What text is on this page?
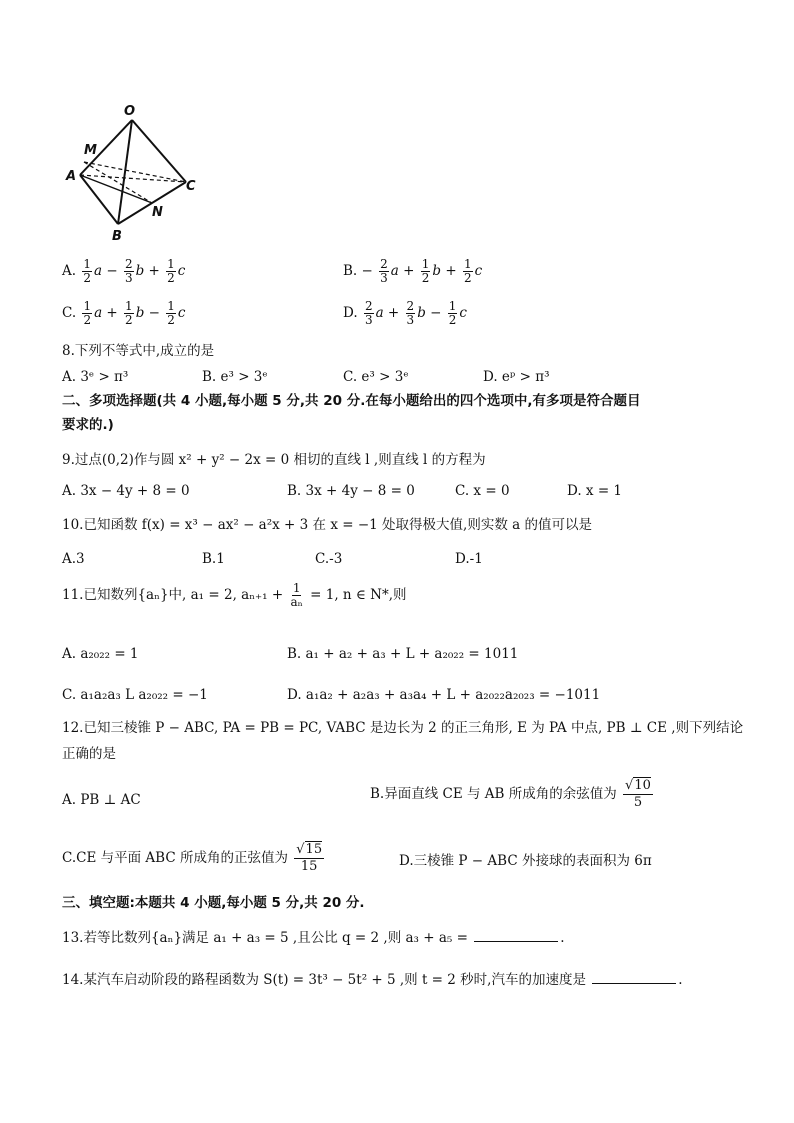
O
M
A
C
N
B
A. $\frac{1}{2}$ $a - \frac{2}{3}$ $b + \frac{1}{2}$ c	B. − $\frac{2}{3}$ $a + \frac{1}{2}$ $b + \frac{1}{2}$ c
C. $\frac{1}{2}$ $a + \frac{1}{2}$ $b - \frac{1}{2}$ c	D. $\frac{2}{3}$ $a + \frac{2}{3}$ $b - \frac{1}{2}$ c
8.下列不等式中,成立的是
A. 3ᵉ > π³	B. e³ > 3ᵉ	C. e³ > 3ᵉ	D. eᵖ > π³
二、多项选择题(共 4 小题,每小题 5 分,共 20 分.在每小题给出的四个选项中,有多项是符合题目
要求的.)
9.过点(0,2)作与圆 x² + y² − 2x = 0 相切的直线 l ,则直线 l 的方程为
A. 3x − 4y + 8 = 0	B. 3x + 4y − 8 = 0	C. x = 0	D. x = 1
10.已知函数 f(x) = x³ − ax² − a²x + 3 在 x = −1 处取得极大值,则实数 a 的值可以是
A.3	B.1	C.-3	D.-1
11.已知数列{aₙ}中, a₁ = 2, $a_{n+1} + \frac{1}{\text{aₙ}} = 1$, n ∈ N*,则
A. a₂₀₂₂ = 1	B. a₁ + a₂ + a₃ + L + a₂₀₂₂ = 1011
C. a₁a₂a₃ L a₂₀₂₂ = −1	D. a₁a₂ + a₂a₃ + a₃a₄ + L + a₂₀₂₂a₂₀₂₃ = −1011
12.已知三棱锥 P − ABC, PA = PB = PC, VABC 是边长为 2 的正三角形, E 为 PA 中点, PB ⊥ CE ,则下列结论
正确的是
A. PB ⊥ AC	B.异面直线 CE 与 AB 所成角的余弦值为 $\frac{√10}{5}$
C.CE 与平面 ABC 所成角的正弦值为 $\frac{√15}{15}$	D.三棱锥 P − ABC 外接球的表面积为 6π
三、填空题:本题共 4 小题,每小题 5 分,共 20 分.
13.若等比数列{aₙ}满足 a₁ + a₃ = 5 ,且公比 q = 2 ,则 a₃ + a₅ =	.
14.某汽车启动阶段的路程函数为 S(t) = 3t³ − 5t² + 5 ,则 t = 2 秒时,汽车的加速度是	.
